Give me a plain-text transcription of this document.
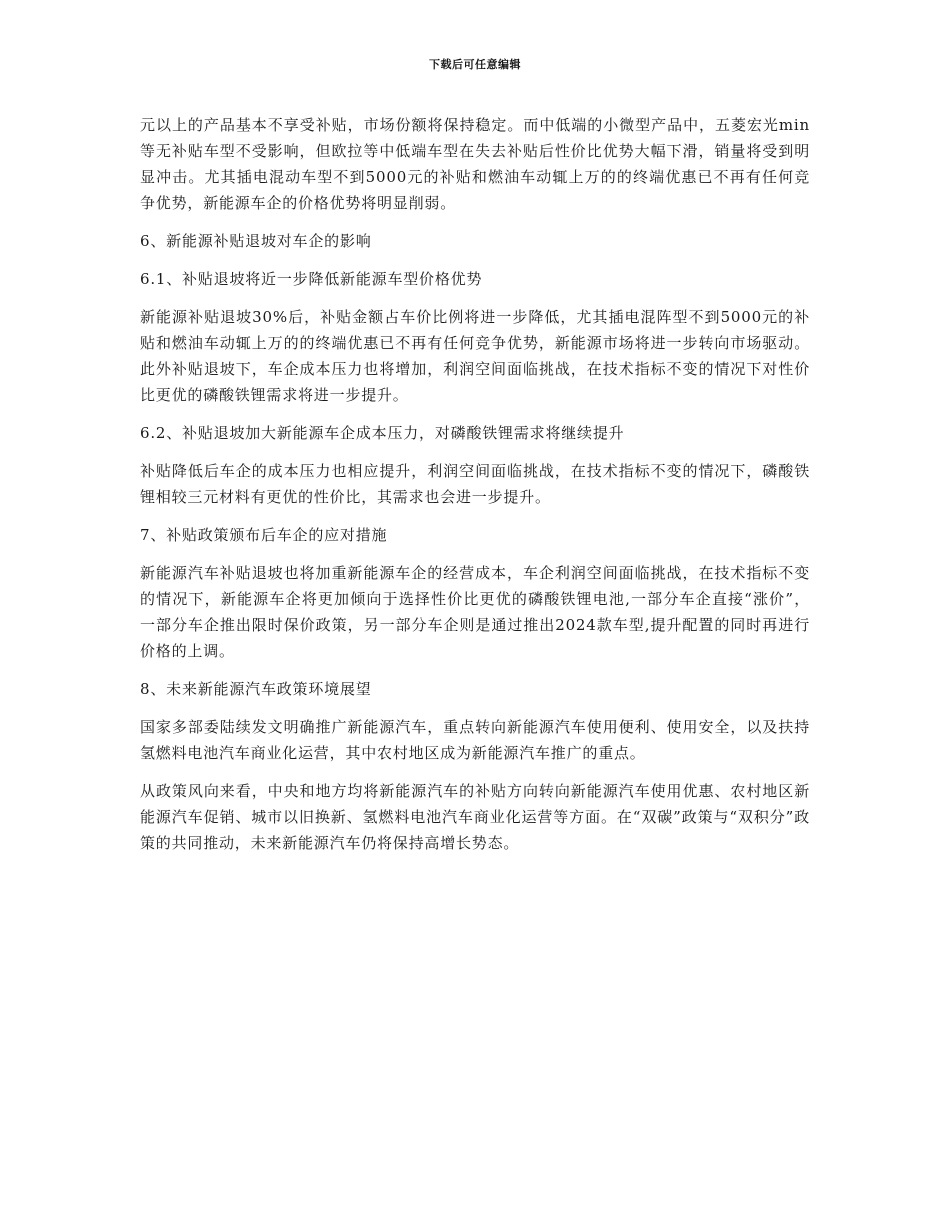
下载后可任意编辑

元以上的产品基本不享受补贴，市场份额将保持稳定。而中低端的小微型产品中，五菱宏光min等无补贴车型不受影响，但欧拉等中低端车型在失去补贴后性价比优势大幅下滑，销量将受到明显冲击。尤其插电混动车型不到5000元的补贴和燃油车动辄上万的的终端优惠已不再有任何竞争优势，新能源车企的价格优势将明显削弱。

6、新能源补贴退坡对车企的影响

6.1、补贴退坡将近一步降低新能源车型价格优势

新能源补贴退坡30%后，补贴金额占车价比例将进一步降低，尤其插电混阵型不到5000元的补贴和燃油车动辄上万的的终端优惠已不再有任何竞争优势，新能源市场将进一步转向市场驱动。此外补贴退坡下，车企成本压力也将增加，利润空间面临挑战，在技术指标不变的情况下对性价比更优的磷酸铁锂需求将进一步提升。

6.2、补贴退坡加大新能源车企成本压力，对磷酸铁锂需求将继续提升

补贴降低后车企的成本压力也相应提升，利润空间面临挑战，在技术指标不变的情况下，磷酸铁锂相较三元材料有更优的性价比，其需求也会进一步提升。

7、补贴政策颁布后车企的应对措施

新能源汽车补贴退坡也将加重新能源车企的经营成本，车企利润空间面临挑战，在技术指标不变的情况下，新能源车企将更加倾向于选择性价比更优的磷酸铁锂电池,一部分车企直接“涨价”，一部分车企推出限时保价政策，另一部分车企则是通过推出2024款车型,提升配置的同时再进行价格的上调。

8、未来新能源汽车政策环境展望

国家多部委陆续发文明确推广新能源汽车，重点转向新能源汽车使用便利、使用安全，以及扶持氢燃料电池汽车商业化运营，其中农村地区成为新能源汽车推广的重点。

从政策风向来看，中央和地方均将新能源汽车的补贴方向转向新能源汽车使用优惠、农村地区新能源汽车促销、城市以旧换新、氢燃料电池汽车商业化运营等方面。在“双碳”政策与“双积分”政策的共同推动，未来新能源汽车仍将保持高增长势态。
